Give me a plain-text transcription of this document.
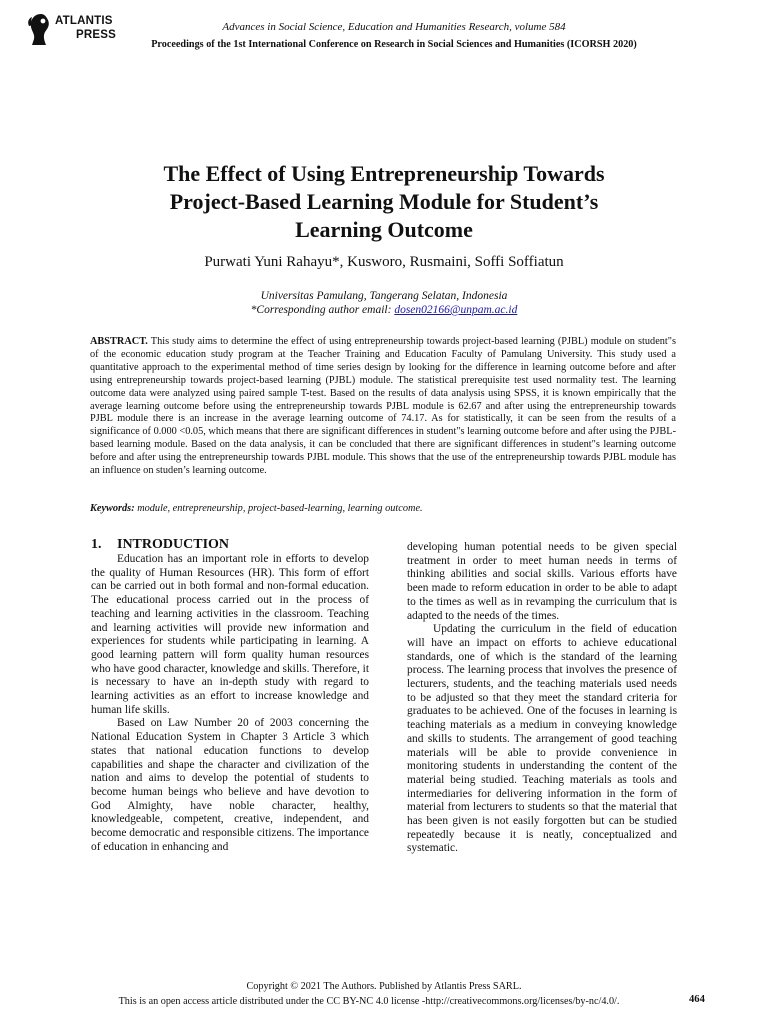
ATLANTIS
PRESS
Advances in Social Science, Education and Humanities Research, volume 584
Proceedings of the 1st International Conference on Research in Social Sciences and Humanities (ICORSH 2020)
The Effect of Using Entrepreneurship Towards
Project-Based Learning Module for Student’s
Learning Outcome
Purwati Yuni Rahayu*, Kusworo, Rusmaini, Soffi Soffiatun
Universitas Pamulang, Tangerang Selatan, Indonesia
*Corresponding author email: dosen02166@unpam.ac.id
ABSTRACT. This study aims to determine the effect of using entrepreneurship towards project-based learning (PJBL) module on student"s of the economic education study program at the Teacher Training and Education Faculty of Pamulang University. This study used a quantitative approach to the experimental method of time series design by looking for the difference in learning outcome before and after using entrepreneurship towards project-based learning (PJBL) module. The statistical prerequisite test used normality test. The learning outcome data were analyzed using paired sample T-test. Based on the results of data analysis using SPSS, it is known empirically that the average learning outcome before using the entrepreneurship towards PJBL module is 62.67 and after using the entrepreneurship towards PJBL module there is an increase in the average learning outcome of 74.17. As for statistically, it can be seen from the results of a significance of 0.000 <0.05, which means that there are significant differences in student"s learning outcome before and after using the PJBL-based learning module. Based on the data analysis, it can be concluded that there are significant differences in student"s learning outcome before and after using the entrepreneurship towards PJBL module. This shows that the use of the entrepreneurship towards PJBL module has an influence on studen’s learning outcome.
Keywords: module, entrepreneurship, project-based-learning, learning outcome.
1. INTRODUCTION

Education has an important role in efforts to develop the quality of Human Resources (HR). This form of effort can be carried out in both formal and non-formal education. The educational process carried out in the process of teaching and learning activities in the classroom. Teaching and learning activities will provide new information and experiences for students while participating in learning. A good learning pattern will form quality human resources who have good character, knowledge and skills. Therefore, it is necessary to have an in-depth study with regard to learning activities as an effort to increase knowledge and human life skills.

Based on Law Number 20 of 2003 concerning the National Education System in Chapter 3 Article 3 which states that national education functions to develop capabilities and shape the character and civilization of the nation and aims to develop the potential of students to become human beings who believe and have devotion to God Almighty, have noble character, healthy, knowledgeable, competent, creative, independent, and become democratic and responsible citizens. The importance of education in enhancing and

developing human potential needs to be given special treatment in order to meet human needs in terms of thinking abilities and social skills. Various efforts have been made to reform education in order to be able to adapt to the times as well as in revamping the curriculum that is adapted to the needs of the times.

Updating the curriculum in the field of education will have an impact on efforts to achieve educational standards, one of which is the standard of the learning process. The learning process that involves the presence of lecturers, students, and the teaching materials used needs to be adjusted so that they meet the standard criteria for graduates to be achieved. One of the focuses in learning is teaching materials as a medium in conveying knowledge and skills to students. The arrangement of good teaching materials will be able to provide convenience in monitoring students in understanding the content of the material being studied. Teaching materials as tools and intermediaries for delivering information in the form of material from lecturers to students so that the material that has been given is not easily forgotten but can be studied repeatedly because it is neatly, conceptualized and systematic.

Copyright © 2021 The Authors. Published by Atlantis Press SARL.
This is an open access article distributed under the CC BY-NC 4.0 license -http://creativecommons.org/licenses/by-nc/4.0/.	464
